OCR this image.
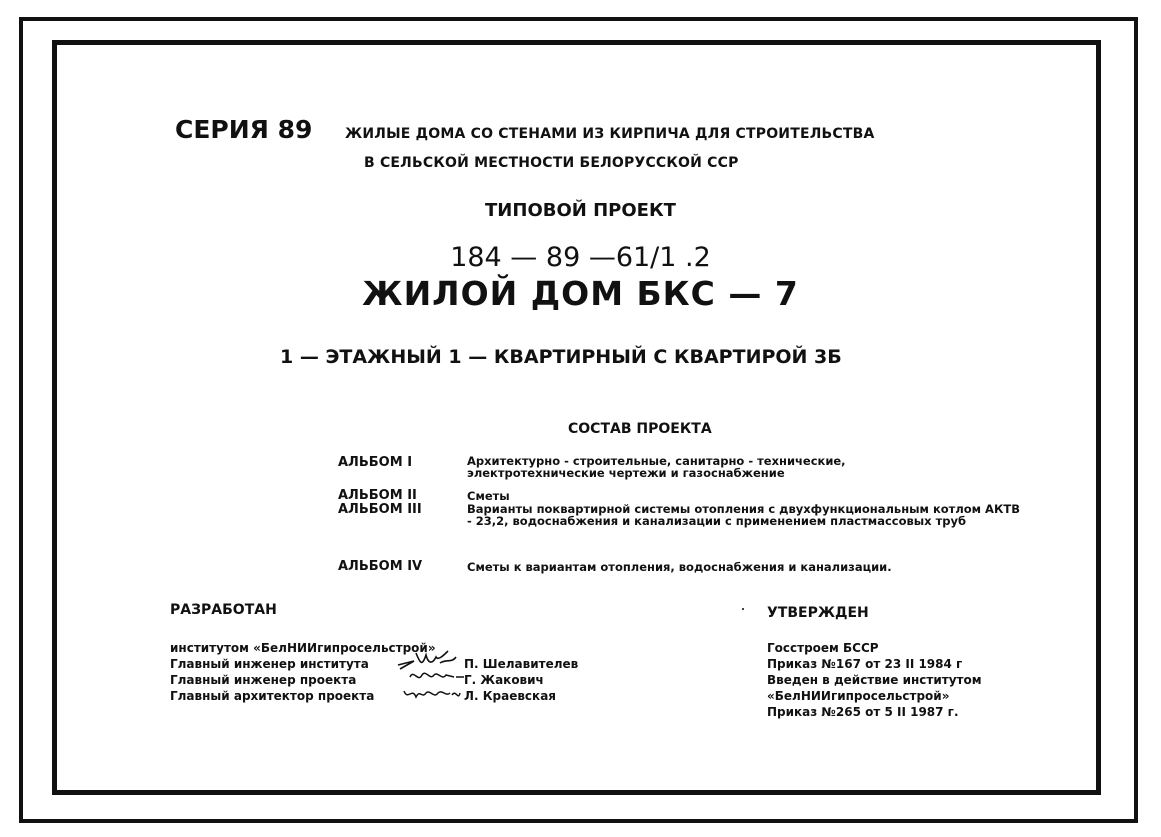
СЕРИЯ 89 ЖИЛЫЕ ДОМА СО СТЕНАМИ ИЗ КИРПИЧА ДЛЯ СТРОИТЕЛЬСТВА
В СЕЛЬСКОЙ МЕСТНОСТИ БЕЛОРУССКОЙ ССР
ТИПОВОЙ ПРОЕКТ
184 — 89 —61/1 .2
ЖИЛОЙ ДОМ БКС — 7
1 — ЭТАЖНЫЙ 1 — КВАРТИРНЫЙ С КВАРТИРОЙ 3Б
СОСТАВ ПРОЕКТА
АЛЬБОМ I	Архитектурно - строительные, санитарно - технические, электротехнические чертежи и газоснабжение
АЛЬБОМ II	Сметы
АЛЬБОМ III	Варианты поквартирной системы отопления с двухфункциональным котлом АКТВ - 23,2, водоснабжения и канализации с применением пластмассовых труб
АЛЬБОМ IV	Сметы к вариантам отопления, водоснабжения и канализации.
РАЗРАБОТАН
институтом «БелНИИгипросельстрой»
Главный инженер института	П. Шелавителев
Главный инженер проекта	Г. Жакович
Главный архитектор проекта	Л. Краевская
УТВЕРЖДЕН
Госстроем БССР
Приказ №167 от 23 II 1984 г
Введен в действие институтом
«БелНИИгипросельстрой»
Приказ №265 от 5 II 1987 г.
